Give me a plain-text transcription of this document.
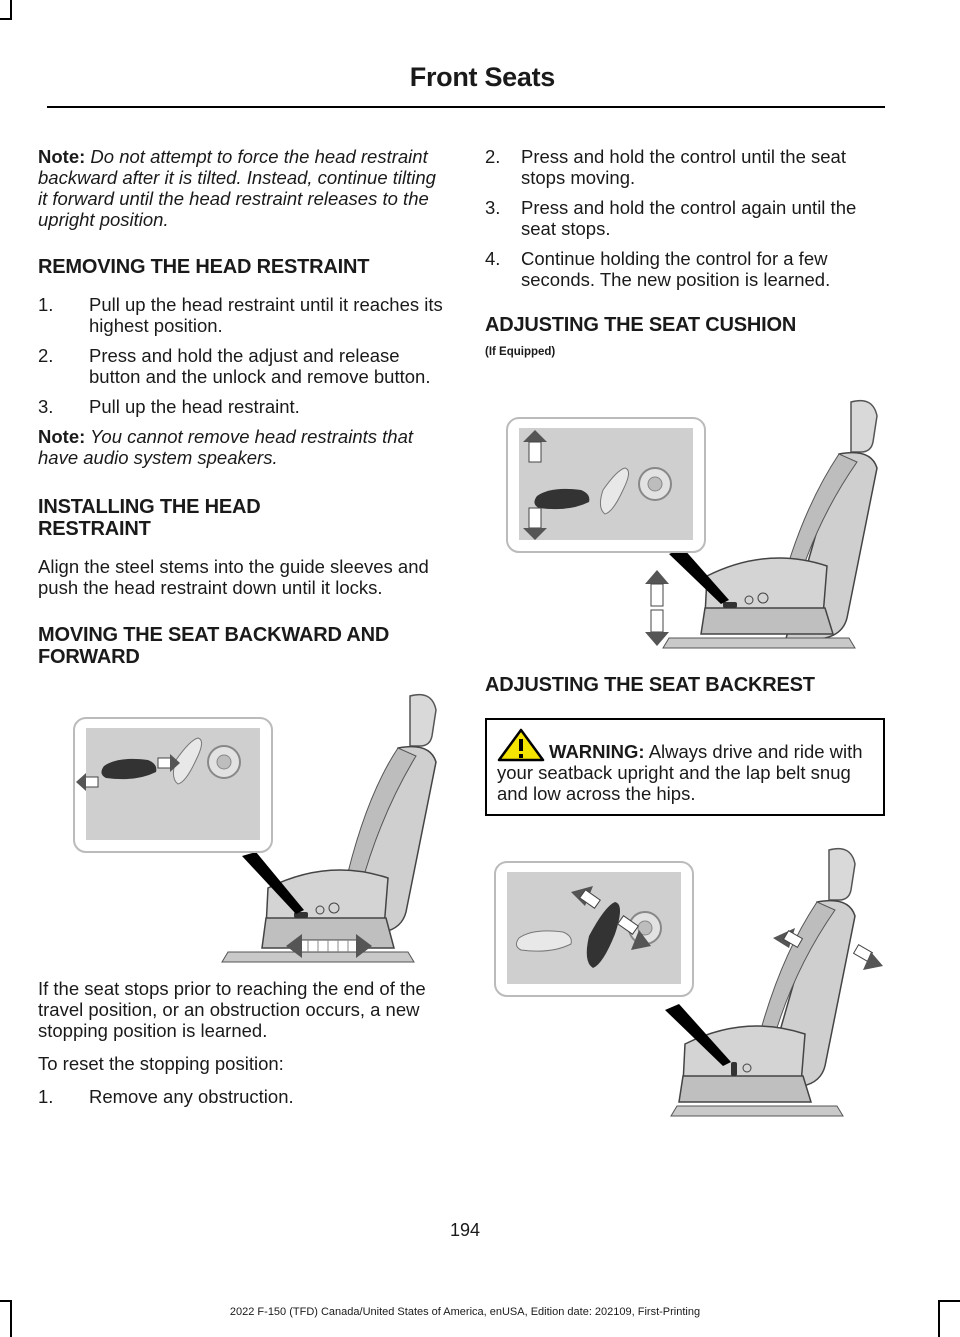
Front Seats

Note: Do not attempt to force the head restraint backward after it is tilted. Instead, continue tilting it forward until the head restraint releases to the upright position.

REMOVING THE HEAD RESTRAINT
1. Pull up the head restraint until it reaches its highest position.
2. Press and hold the adjust and release button and the unlock and remove button.
3. Pull up the head restraint.

Note: You cannot remove head restraints that have audio system speakers.

INSTALLING THE HEAD RESTRAINT

Align the steel stems into the guide sleeves and push the head restraint down until it locks.

MOVING THE SEAT BACKWARD AND FORWARD

If the seat stops prior to reaching the end of the travel position, or an obstruction occurs, a new stopping position is learned.

To reset the stopping position:

1. Remove any obstruction.
2. Press and hold the control until the seat stops moving.
3. Press and hold the control again until the seat stops.
4. Continue holding the control for a few seconds. The new position is learned.
ADJUSTING THE SEAT CUSHION
(If Equipped)
ADJUSTING THE SEAT BACKREST
WARNING: Always drive and ride with your seatback upright and the lap belt snug and low across the hips.
194
2022 F-150 (TFD) Canada/United States of America, enUSA, Edition date: 202109, First-Printing
